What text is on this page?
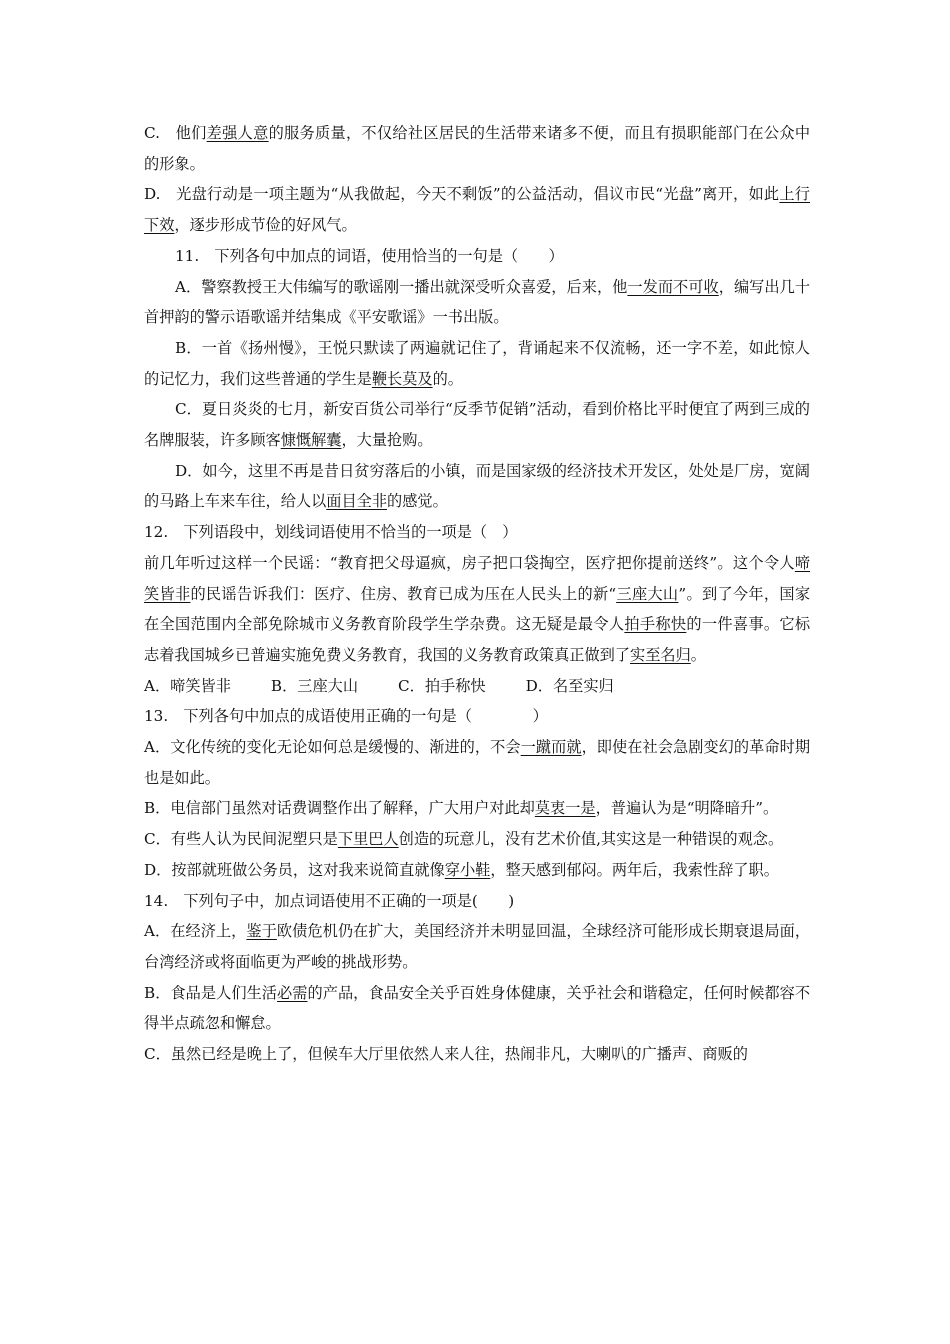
C.　他们差强人意的服务质量，不仅给社区居民的生活带来诸多不便，而且有损职能部门在公众中的形象。

D.　光盘行动是一项主题为“从我做起，今天不剩饭”的公益活动，倡议市民“光盘”离开，如此上行下效，逐步形成节俭的好风气。

11.　下列各句中加点的词语，使用恰当的一句是（　　）

A．警察教授王大伟编写的歌谣刚一播出就深受听众喜爱，后来，他一发而不可收，编写出几十首押韵的警示语歌谣并结集成《平安歌谣》一书出版。

B．一首《扬州慢》，王悦只默读了两遍就记住了，背诵起来不仅流畅，还一字不差，如此惊人的记忆力，我们这些普通的学生是鞭长莫及的。

C．夏日炎炎的七月，新安百货公司举行“反季节促销”活动，看到价格比平时便宜了两到三成的名牌服装，许多顾客慷慨解囊，大量抢购。

D．如今，这里不再是昔日贫穷落后的小镇，而是国家级的经济技术开发区，处处是厂房，宽阔的马路上车来车往，给人以面目全非的感觉。

12.　下列语段中，划线词语使用不恰当的一项是（　）

前几年听过这样一个民谣：“教育把父母逼疯，房子把口袋掏空，医疗把你提前送终”。这个令人啼笑皆非的民谣告诉我们：医疗、住房、教育已成为压在人民头上的新“三座大山”。到了今年，国家在全国范围内全部免除城市义务教育阶段学生学杂费。这无疑是最令人拍手称快的一件喜事。它标志着我国城乡已普遍实施免费义务教育，我国的义务教育政策真正做到了实至名归。

A．啼笑皆非	B．三座大山	C．拍手称快	D．名至实归

13.　下列各句中加点的成语使用正确的一句是（　　　　）

A．文化传统的变化无论如何总是缓慢的、渐进的，不会一蹴而就，即使在社会急剧变幻的革命时期也是如此。

B．电信部门虽然对话费调整作出了解释，广大用户对此却莫衷一是，普遍认为是“明降暗升”。

C．有些人认为民间泥塑只是下里巴人创造的玩意儿，没有艺术价值,其实这是一种错误的观念。

D．按部就班做公务员，这对我来说简直就像穿小鞋，整天感到郁闷。两年后，我索性辞了职。

14.　下列句子中，加点词语使用不正确的一项是(　　)

A．在经济上，鉴于欧债危机仍在扩大，美国经济并未明显回温，全球经济可能形成长期衰退局面，台湾经济或将面临更为严峻的挑战形势。

B．食品是人们生活必需的产品，食品安全关乎百姓身体健康，关乎社会和谐稳定，任何时候都容不得半点疏忽和懈怠。

C．虽然已经是晚上了，但候车大厅里依然人来人往，热闹非凡，大喇叭的广播声、商贩的
